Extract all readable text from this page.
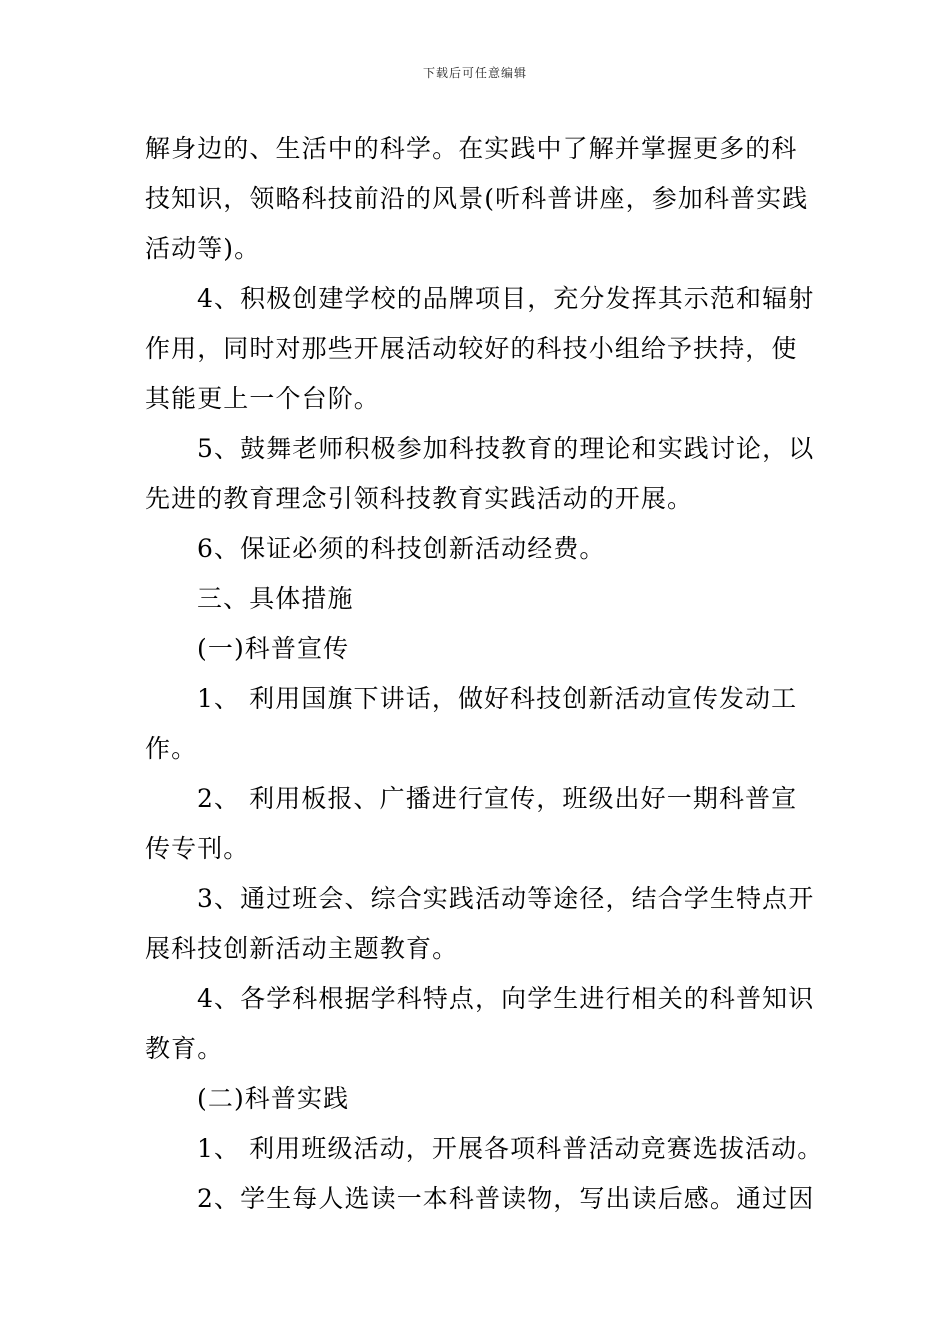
下载后可任意编辑
解身边的、生活中的科学。在实践中了解并掌握更多的科
技知识，领略科技前沿的风景(听科普讲座，参加科普实践
活动等)。
4、积极创建学校的品牌项目，充分发挥其示范和辐射
作用，同时对那些开展活动较好的科技小组给予扶持，使
其能更上一个台阶。
5、鼓舞老师积极参加科技教育的理论和实践讨论，以
先进的教育理念引领科技教育实践活动的开展。
6、保证必须的科技创新活动经费。
三、具体措施
(一)科普宣传
1、 利用国旗下讲话，做好科技创新活动宣传发动工
作。
2、 利用板报、广播进行宣传，班级出好一期科普宣
传专刊。
3、通过班会、综合实践活动等途径，结合学生特点开
展科技创新活动主题教育。
4、各学科根据学科特点，向学生进行相关的科普知识
教育。
(二)科普实践
1、 利用班级活动，开展各项科普活动竞赛选拔活动。
2、学生每人选读一本科普读物，写出读后感。通过因
